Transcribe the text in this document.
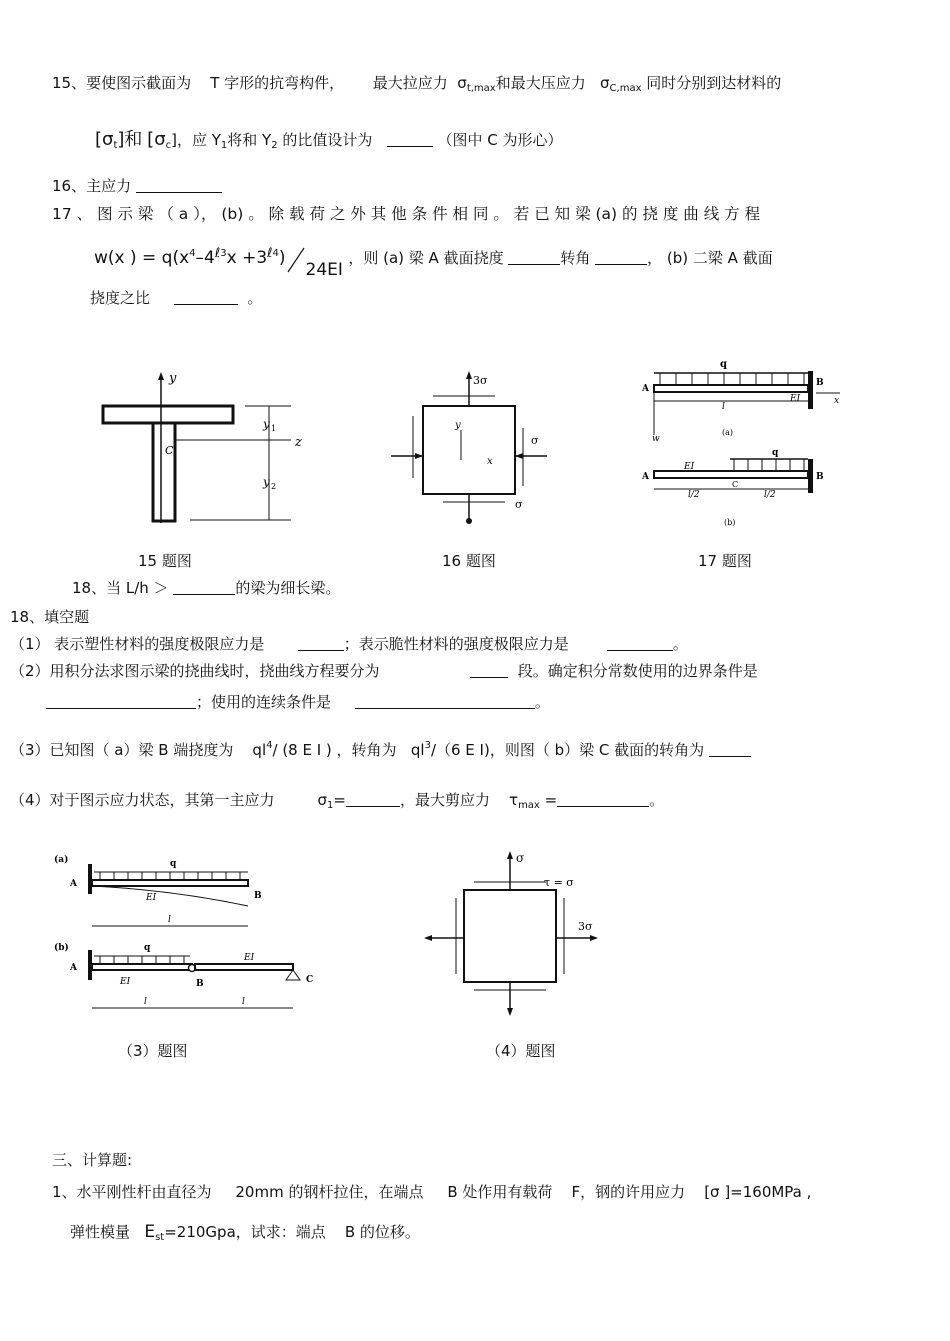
15、要使图示截面为 T 字形的抗弯构件， 最大拉应力 $\sigma_{t,max}$和最大压应力 $\sigma_{C,max}$ 同时分别到达材料的
$[\sigma_t]$和 $[\sigma_c]$，应 $Y_1$将和 $Y_2$ 的比值设计为	（图中 C 为形心）
16、主应力
17 、 图 示 梁 （ a ）， (b) 。 除 载 荷 之 外 其 他 条 件 相 同 。 若 已 知 梁 (a) 的 挠 度 曲 线 方 程
w(x ) = $q(x^4-4^{\ell 3}x +3^{\ell 4})24EI$ ，则 (a) 梁 A 截面挠度	转角	， (b) 二梁 A 截面
挠度之比	。
y
z
C
y 1
y 2
15 题图
3σ
σ
y
x
σ
16 题图
q
A
B
x
l
EI
w
(a)
q
A	B
EI
C
l/2	l/2
(b)
17 题图
18、当 L/h ＞	的梁为细长梁。
18、填空题
（1） 表示塑性材料的强度极限应力是	；表示脆性材料的强度极限应力是	。
（2）用积分法求图示梁的挠曲线时，挠曲线方程要分为	段。确定积分常数使用的边界条件是
；使用的连续条件是	。
（3）已知图（ a）梁 B 端挠度为 $ql^4/$ (8 E I ) ，转角为 $ql^3/(6$ E I)，则图（ b）梁 C 截面的转角为
（4）对于图示应力状态，其第一主应力	$\sigma_1=$	，最大剪应力 $\tau_{max}$ =	。
(a)	q
A
EI	B
l
(b)	q
A
EI
EI
B	C
l	l
（3）题图
σ
3σ
τ = σ
（4）题图
三、计算题:
1、水平刚性杆由直径为 20mm 的钢杆拉住，在端点 B 处作用有载荷 F，钢的许用应力 [σ ]=160MPa ,
弹性模量 $E_{st}=210Gpa$，试求：端点 B 的位移。
